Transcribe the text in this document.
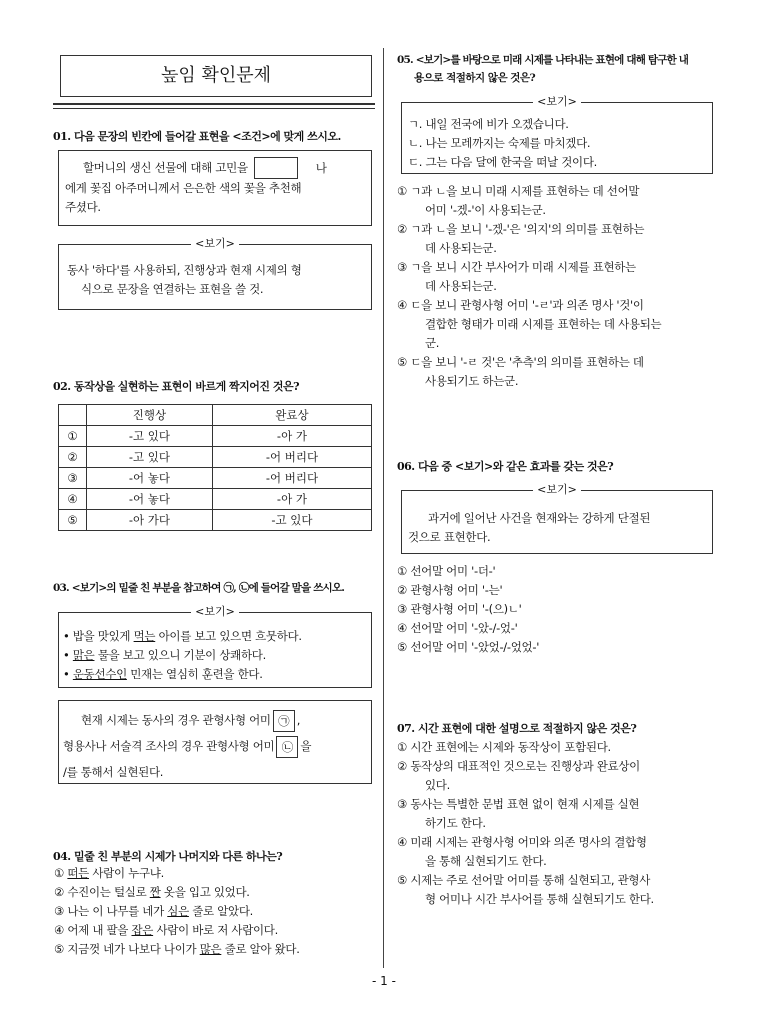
높임 확인문제
01. 다음 문장의 빈칸에 들어갈 표현을 <조건>에 맞게 쓰시오.
할머니의 생신 선물에 대해 고민을	나
에게 꽃집 아주머니께서 은은한 색의 꽃을 추천해
주셨다.
<보기>
동사 '하다'를 사용하되, 진행상과 현재 시제의 형
식으로 문장을 연결하는 표현을 쓸 것.
02. 동작상을 실현하는 표현이 바르게 짝지어진 것은?
	진행상	완료상
①	-고 있다	-아 가
②	-고 있다	-어 버리다
③	-어 놓다	-어 버리다
④	-어 놓다	-아 가
⑤	-아 가다	-고 있다
03. <보기>의 밑줄 친 부분을 참고하여 ㉠, ㉡에 들어갈 말을 쓰시오.
<보기>
• 밥을 맛있게 먹는 아이를 보고 있으면 흐뭇하다.
• 맑은 물을 보고 있으니 기분이 상쾌하다.
• 운동선수인 민재는 열심히 훈련을 한다.
현재 시제는 동사의 경우 관형사형 어미 ㉠ ,
형용사나 서술격 조사의 경우 관형사형 어미 ㉡ 을
/를 통해서 실현된다.
04. 밑줄 친 부분의 시제가 나머지와 다른 하나는?
① 떠든 사람이 누구냐.
② 수진이는 털실로 짠 옷을 입고 있었다.
③ 나는 이 나무를 네가 심은 줄로 알았다.
④ 어제 내 팔을 잡은 사람이 바로 저 사람이다.
⑤ 지금껏 네가 나보다 나이가 많은 줄로 알아 왔다.
05. <보기>를 바탕으로 미래 시제를 나타내는 표현에 대해 탐구한 내
용으로 적절하지 않은 것은?
<보기>
ㄱ. 내일 전국에 비가 오겠습니다.
ㄴ. 나는 모레까지는 숙제를 마치겠다.
ㄷ. 그는 다음 달에 한국을 떠날 것이다.
① ㄱ과 ㄴ을 보니 미래 시제를 표현하는 데 선어말
어미 '-겠-'이 사용되는군.
② ㄱ과 ㄴ을 보니 '-겠-'은 '의지'의 의미를 표현하는
데 사용되는군.
③ ㄱ을 보니 시간 부사어가 미래 시제를 표현하는
데 사용되는군.
④ ㄷ을 보니 관형사형 어미 '-ㄹ'과 의존 명사 '것'이
결합한 형태가 미래 시제를 표현하는 데 사용되는
군.
⑤ ㄷ을 보니 '-ㄹ 것'은 '추측'의 의미를 표현하는 데
사용되기도 하는군.
06. 다음 중 <보기>와 같은 효과를 갖는 것은?
<보기>
과거에 일어난 사건을 현재와는 강하게 단절된
것으로 표현한다.
① 선어말 어미 '-더-'
② 관형사형 어미 '-는'
③ 관형사형 어미 '-(으)ㄴ'
④ 선어말 어미 '-았-/-었-'
⑤ 선어말 어미 '-았었-/-었었-'
07. 시간 표현에 대한 설명으로 적절하지 않은 것은?
① 시간 표현에는 시제와 동작상이 포함된다.
② 동작상의 대표적인 것으로는 진행상과 완료상이
있다.
③ 동사는 특별한 문법 표현 없이 현재 시제를 실현
하기도 한다.
④ 미래 시제는 관형사형 어미와 의존 명사의 결합형
을 통해 실현되기도 한다.
⑤ 시제는 주로 선어말 어미를 통해 실현되고, 관형사
형 어미나 시간 부사어를 통해 실현되기도 한다.
- 1 -
